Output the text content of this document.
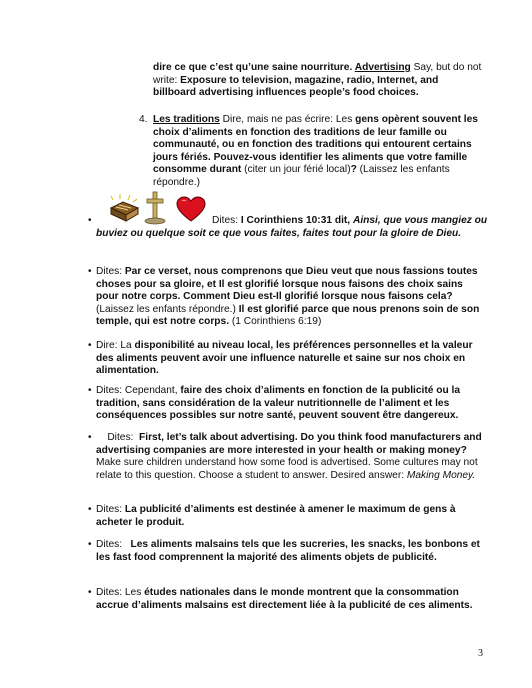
dire ce que c’est qu’une saine nourriture. Advertising Say, but do not write: Exposure to television, magazine, radio, Internet, and billboard advertising influences people’s food choices.
4. Les traditions Dire, mais ne pas écrire: Les gens opèrent souvent les choix d’aliments en fonction des traditions de leur famille ou communauté, ou en fonction des traditions qui entourent certains jours fériés. Pouvez-vous identifier les aliments que votre famille consomme durant (citer un jour férié local)? (Laissez les enfants répondre.)
•	Dites: I Corinthiens 10:31 dit, Ainsi, que vous mangiez ou buviez ou quelque soit ce que vous faites, faites tout pour la gloire de Dieu.
• Dites: Par ce verset, nous comprenons que Dieu veut que nous fassions toutes choses pour sa gloire, et Il est glorifié lorsque nous faisons des choix sains pour notre corps. Comment Dieu est-Il glorifié lorsque nous faisons cela? (Laissez les enfants répondre.) Il est glorifié parce que nous prenons soin de son temple, qui est notre corps. (1 Corinthiens 6:19)
• Dire: La disponibilité au niveau local, les préférences personnelles et la valeur des aliments peuvent avoir une influence naturelle et saine sur nos choix en alimentation.
• Dites: Cependant, faire des choix d’aliments en fonction de la publicité ou la tradition, sans considération de la valeur nutritionnelle de l’aliment et les conséquences possibles sur notre santé, peuvent souvent être dangereux.
• Dites:  First, let’s talk about advertising. Do you think food manufacturers and advertising companies are more interested in your health or making money? Make sure children understand how some food is advertised. Some cultures may not relate to this question. Choose a student to answer. Desired answer: Making Money.
• Dites: La publicité d’aliments est destinée à amener le maximum de gens à acheter le produit.
• Dites:   Les aliments malsains tels que les sucreries, les snacks, les bonbons et les fast food comprennent la majorité des aliments objets de publicité.
• Dites: Les études nationales dans le monde montrent que la consommation accrue d’aliments malsains est directement liée à la publicité de ces aliments.
3
